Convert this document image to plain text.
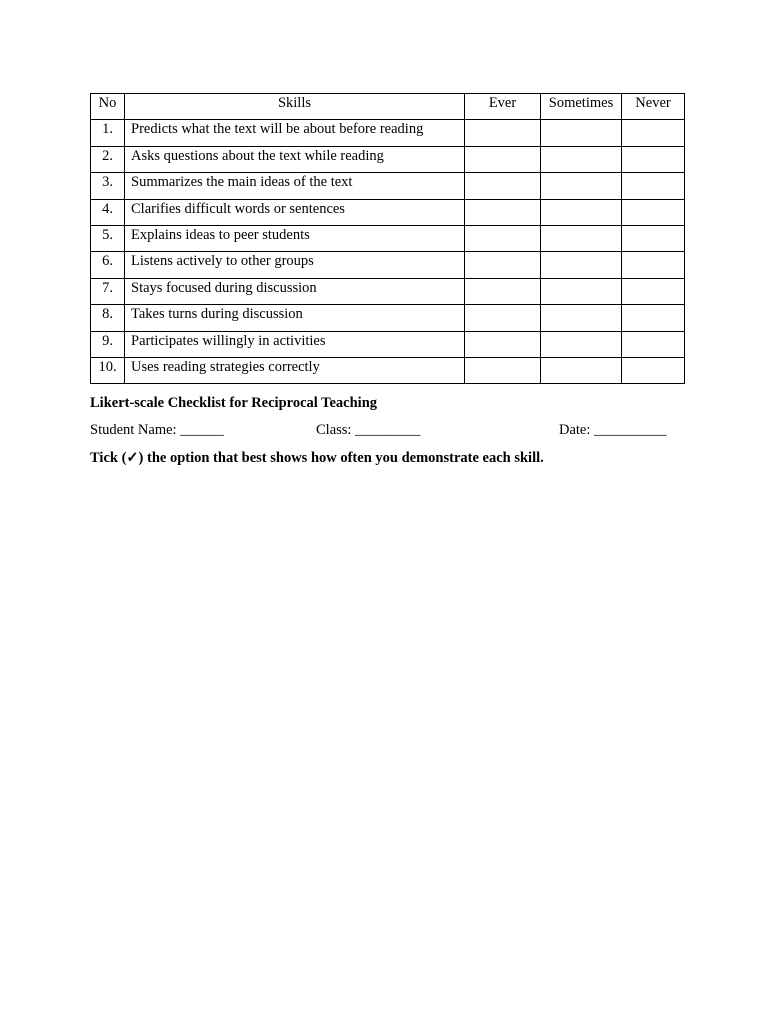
No	Skills	Ever	Sometimes	Never
1.	Predicts what the text will be about before reading			
2.	Asks questions about the text while reading			
3.	Summarizes the main ideas of the text			
4.	Clarifies difficult words or sentences			
5.	Explains ideas to peer students			
6.	Listens actively to other groups			
7.	Stays focused during discussion			
8.	Takes turns during discussion			
9.	Participates willingly in activities			
10.	Uses reading strategies correctly			
Likert-scale Checklist for Reciprocal Teaching
Student Name: ______	Class: _________	Date: __________
Tick (✓) the option that best shows how often you demonstrate each skill.
